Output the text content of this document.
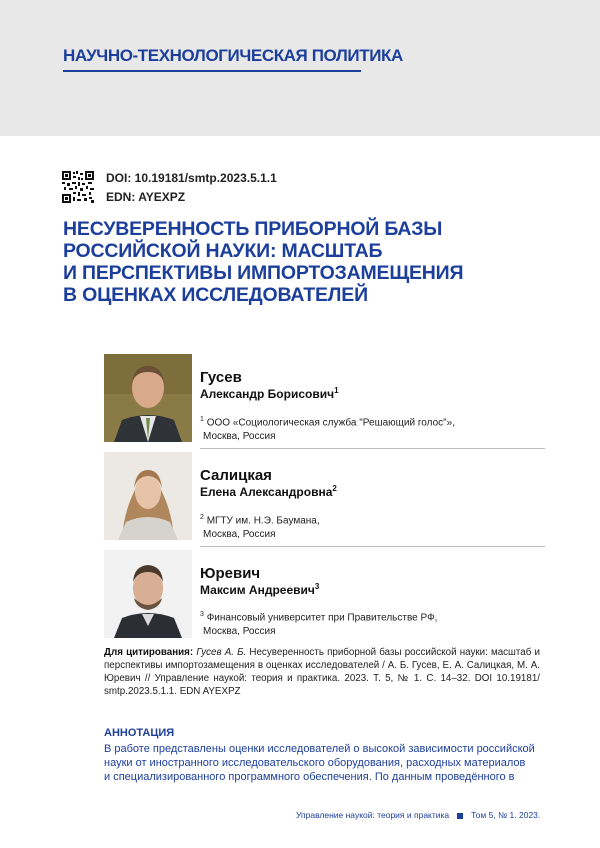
НАУЧНО-ТЕХНОЛОГИЧЕСКАЯ ПОЛИТИКА
DOI: 10.19181/smtp.2023.5.1.1
EDN: AYEXPZ
НЕСУВЕРЕННОСТЬ ПРИБОРНОЙ БАЗЫ
РОССИЙСКОЙ НАУКИ: МАСШТАБ
И ПЕРСПЕКТИВЫ ИМПОРТОЗАМЕЩЕНИЯ
В ОЦЕНКАХ ИССЛЕДОВАТЕЛЕЙ
Гусев
Александр Борисович$^1$
$^1$ ООО «Социологическая служба "Решающий голос"»,
Москва, Россия
Салицкая
Елена Александровна$^2$
$^2$ МГТУ им. Н.Э. Баумана,
Москва, Россия
Юревич
Максим Андреевич$^3$
$^3$ Финансовый университет при Правительстве РФ,
Москва, Россия
Для цитирования: Гусев А. Б. Несуверенность приборной базы российской науки: масштаб и перспективы импортозамещения в оценках исследователей / А. Б. Гусев, Е. А. Салицкая, М. А. Юревич // Управление наукой: теория и практика. 2023. Т. 5, № 1. С. 14–32. DOI 10.19181/ smtp.2023.5.1.1. EDN AYEXPZ
АННОТАЦИЯ
В работе представлены оценки исследователей о высокой зависимости российской
науки от иностранного исследовательского оборудования, расходных материалов
и специализированного программного обеспечения. По данным проведённого в
Управление наукой: теория и практика	Том 5, № 1. 2023.
